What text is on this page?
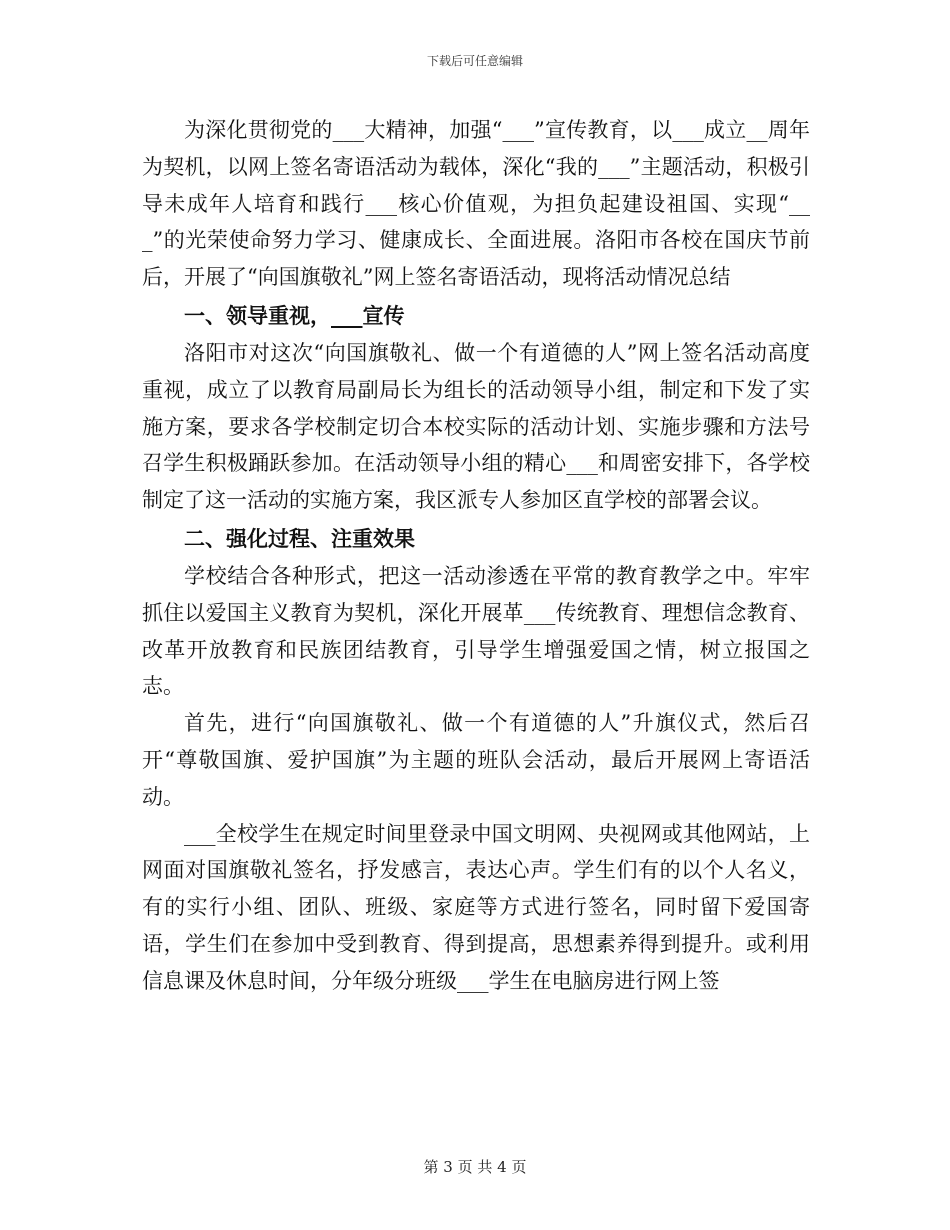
下载后可任意编辑

为深化贯彻党的___大精神，加强“___”宣传教育，以___成立__周年为契机，以网上签名寄语活动为载体，深化“我的___”主题活动，积极引导未成年人培育和践行___核心价值观，为担负起建设祖国、实现“___”的光荣使命努力学习、健康成长、全面进展。洛阳市各校在国庆节前后，开展了“向国旗敬礼”网上签名寄语活动，现将活动情况总结

一、领导重视，___宣传

洛阳市对这次“向国旗敬礼、做一个有道德的人”网上签名活动高度重视，成立了以教育局副局长为组长的活动领导小组，制定和下发了实施方案，要求各学校制定切合本校实际的活动计划、实施步骤和方法号召学生积极踊跃参加。在活动领导小组的精心___和周密安排下，各学校制定了这一活动的实施方案，我区派专人参加区直学校的部署会议。

二、强化过程、注重效果

学校结合各种形式，把这一活动渗透在平常的教育教学之中。牢牢抓住以爱国主义教育为契机，深化开展革___传统教育、理想信念教育、改革开放教育和民族团结教育，引导学生增强爱国之情，树立报国之志。

首先，进行“向国旗敬礼、做一个有道德的人”升旗仪式，然后召开“尊敬国旗、爱护国旗”为主题的班队会活动，最后开展网上寄语活动。

___全校学生在规定时间里登录中国文明网、央视网或其他网站，上网面对国旗敬礼签名，抒发感言，表达心声。学生们有的以个人名义，有的实行小组、团队、班级、家庭等方式进行签名，同时留下爱国寄语，学生们在参加中受到教育、得到提高，思想素养得到提升。或利用信息课及休息时间，分年级分班级___学生在电脑房进行网上签

第 3 页 共 4 页
